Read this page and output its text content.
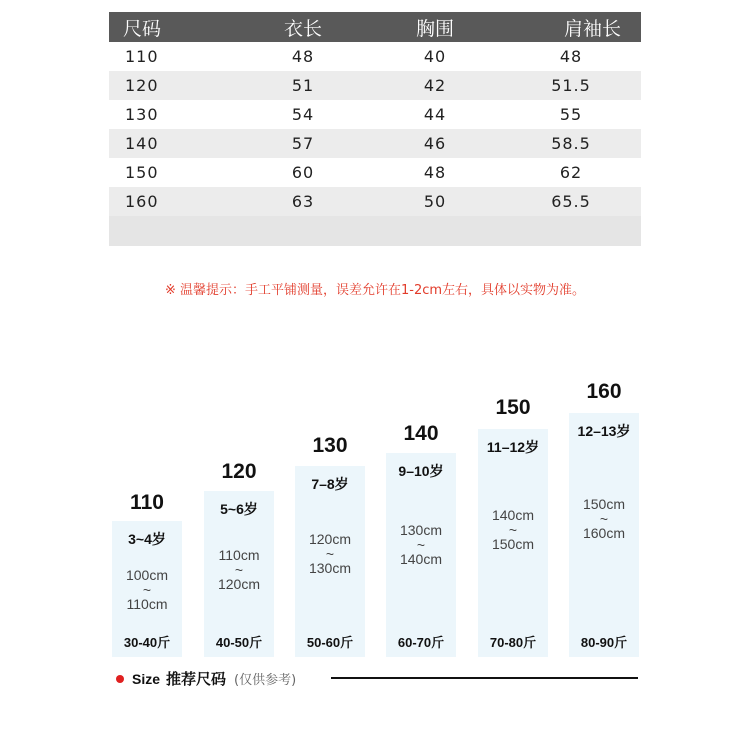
尺码	衣长	胸围	肩袖长
110	48	40	48
120	51	42	51.5
130	54	44	55
140	57	46	58.5
150	60	48	62
160	63	50	65.5
※ 温馨提示：手工平铺测量，误差允许在1-2cm左右，具体以实物为准。
110
3~4岁
100cm
~
110cm
30-40斤
120
5~6岁
110cm
~
120cm
40-50斤
130
7–8岁
120cm
~
130cm
50-60斤
140
9–10岁
130cm
~
140cm
60-70斤
150
11–12岁
140cm
~
150cm
70-80斤
160
12–13岁
150cm
~
160cm
80-90斤
Size 推荐尺码 (仅供参考)
